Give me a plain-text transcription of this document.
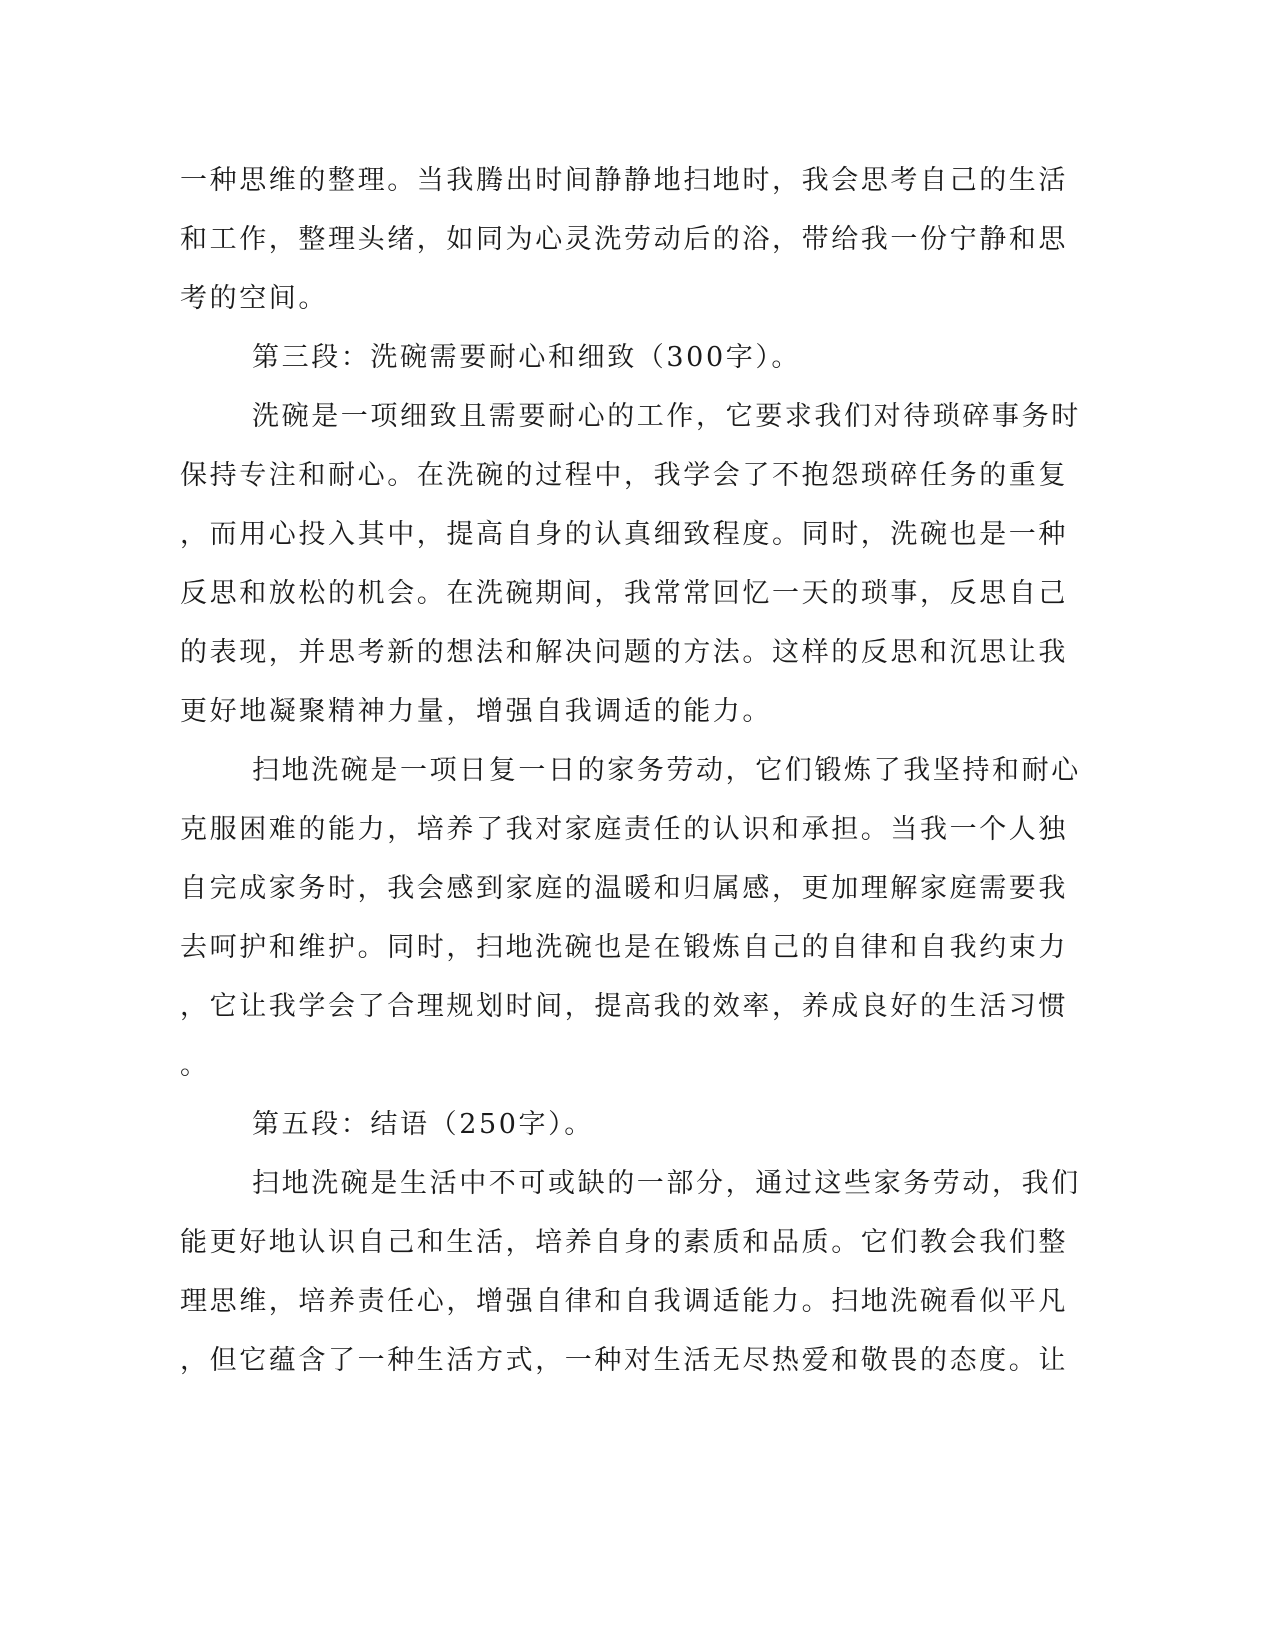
一种思维的整理。当我腾出时间静静地扫地时，我会思考自己的生活
和工作，整理头绪，如同为心灵洗劳动后的浴，带给我一份宁静和思
考的空间。
第三段：洗碗需要耐心和细致（300字）。
洗碗是一项细致且需要耐心的工作，它要求我们对待琐碎事务时
保持专注和耐心。在洗碗的过程中，我学会了不抱怨琐碎任务的重复
，而用心投入其中，提高自身的认真细致程度。同时，洗碗也是一种
反思和放松的机会。在洗碗期间，我常常回忆一天的琐事，反思自己
的表现，并思考新的想法和解决问题的方法。这样的反思和沉思让我
更好地凝聚精神力量，增强自我调适的能力。
扫地洗碗是一项日复一日的家务劳动，它们锻炼了我坚持和耐心
克服困难的能力，培养了我对家庭责任的认识和承担。当我一个人独
自完成家务时，我会感到家庭的温暖和归属感，更加理解家庭需要我
去呵护和维护。同时，扫地洗碗也是在锻炼自己的自律和自我约束力
，它让我学会了合理规划时间，提高我的效率，养成良好的生活习惯
。
第五段：结语（250字）。
扫地洗碗是生活中不可或缺的一部分，通过这些家务劳动，我们
能更好地认识自己和生活，培养自身的素质和品质。它们教会我们整
理思维，培养责任心，增强自律和自我调适能力。扫地洗碗看似平凡
，但它蕴含了一种生活方式，一种对生活无尽热爱和敬畏的态度。让
